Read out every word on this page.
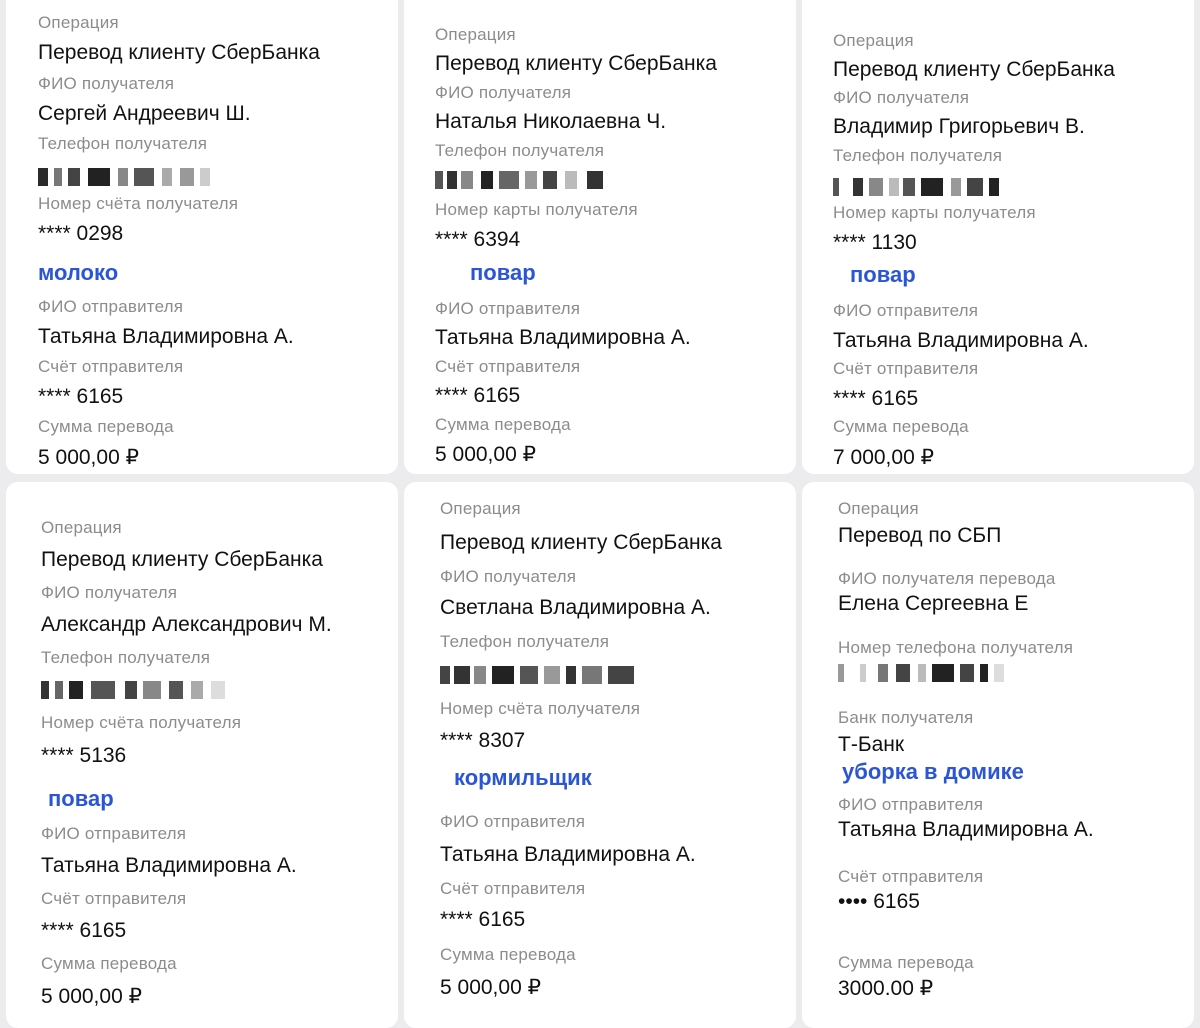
Операция
Перевод клиенту СберБанка
ФИО получателя
Сергей Андреевич Ш.
Телефон получателя
Номер счёта получателя
**** 0298
молоко
ФИО отправителя
Татьяна Владимировна А.
Счёт отправителя
**** 6165
Сумма перевода
5 000,00 ₽
Операция
Перевод клиенту СберБанка
ФИО получателя
Наталья Николаевна Ч.
Телефон получателя
Номер карты получателя
**** 6394
повар
ФИО отправителя
Татьяна Владимировна А.
Счёт отправителя
**** 6165
Сумма перевода
5 000,00 ₽
Операция
Перевод клиенту СберБанка
ФИО получателя
Владимир Григорьевич В.
Телефон получателя
Номер карты получателя
**** 1130
повар
ФИО отправителя
Татьяна Владимировна А.
Счёт отправителя
**** 6165
Сумма перевода
7 000,00 ₽
Операция
Перевод клиенту СберБанка
ФИО получателя
Александр Александрович М.
Телефон получателя
Номер счёта получателя
**** 5136
повар
ФИО отправителя
Татьяна Владимировна А.
Счёт отправителя
**** 6165
Сумма перевода
5 000,00 ₽
Операция
Перевод клиенту СберБанка
ФИО получателя
Светлана Владимировна А.
Телефон получателя
Номер счёта получателя
**** 8307
кормильщик
ФИО отправителя
Татьяна Владимировна А.
Счёт отправителя
**** 6165
Сумма перевода
5 000,00 ₽
Операция
Перевод по СБП
ФИО получателя перевода
Елена Сергеевна Е
Номер телефона получателя
Банк получателя
Т-Банк
уборка в домике
ФИО отправителя
Татьяна Владимировна А.
Счёт отправителя
•••• 6165
Сумма перевода
3000.00 ₽
